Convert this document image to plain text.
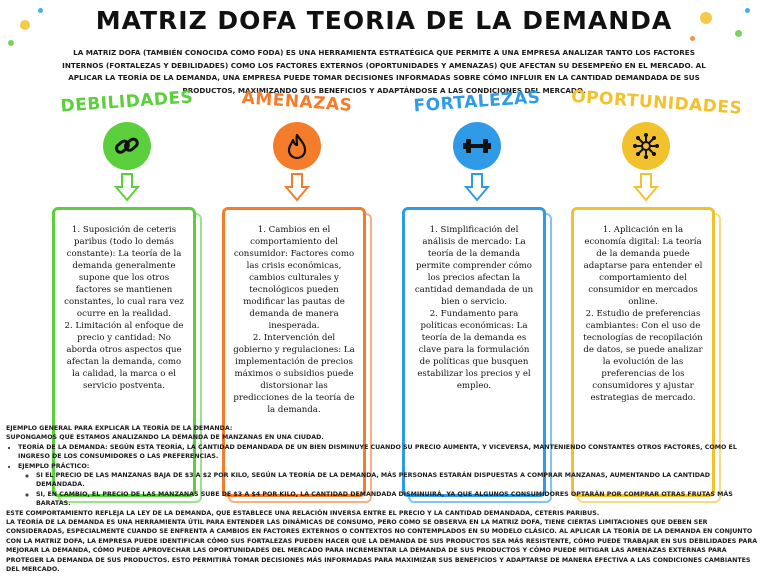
MATRIZ DOFA TEORIA DE LA DEMANDA
LA MATRIZ DOFA (TAMBIÉN CONOCIDA COMO FODA) ES UNA HERRAMIENTA ESTRATÉGICA QUE PERMITE A UNA EMPRESA ANALIZAR TANTO LOS FACTORES INTERNOS (FORTALEZAS Y DEBILIDADES) COMO LOS FACTORES EXTERNOS (OPORTUNIDADES Y AMENAZAS) QUE AFECTAN SU DESEMPEÑO EN EL MERCADO. AL APLICAR LA TEORÍA DE LA DEMANDA, UNA EMPRESA PUEDE TOMAR DECISIONES INFORMADAS SOBRE CÓMO INFLUIR EN LA CANTIDAD DEMANDADA DE SUS PRODUCTOS, MAXIMIZANDO SUS BENEFICIOS Y ADAPTÁNDOSE A LAS CONDICIONES DEL MERCADO.
DEBILIDADES
1. Suposición de ceteris paribus (todo lo demás constante): La teoría de la demanda generalmente supone que los otros factores se mantienen constantes, lo cual rara vez ocurre en la realidad.
2. Limitación al enfoque de precio y cantidad: No aborda otros aspectos que afectan la demanda, como la calidad, la marca o el servicio postventa.
AMENAZAS
1. Cambios en el comportamiento del consumidor: Factores como las crisis económicas, cambios culturales y tecnológicos pueden modificar las pautas de demanda de manera inesperada.
2. Intervención del gobierno y regulaciones: La implementación de precios máximos o subsidios puede distorsionar las predicciones de la teoría de la demanda.
FORTALEZAS
1. Simplificación del análisis de mercado: La teoría de la demanda permite comprender cómo los precios afectan la cantidad demandada de un bien o servicio.
2. Fundamento para políticas económicas: La teoría de la demanda es clave para la formulación de políticas que busquen estabilizar los precios y el empleo.
OPORTUNIDADES
1. Aplicación en la economía digital: La teoría de la demanda puede adaptarse para entender el comportamiento del consumidor en mercados online.
2. Estudio de preferencias cambiantes: Con el uso de tecnologías de recopilación de datos, se puede analizar la evolución de las preferencias de los consumidores y ajustar estrategias de mercado.

EJEMPLO GENERAL PARA EXPLICAR LA TEORÍA DE LA DEMANDA:

SUPONGAMOS QUE ESTAMOS ANALIZANDO LA DEMANDA DE MANZANAS EN UNA CIUDAD.

• TEORÍA DE LA DEMANDA: SEGÚN ESTA TEORÍA, LA CANTIDAD DEMANDADA DE UN BIEN DISMINUYE CUANDO SU PRECIO AUMENTA, Y VICEVERSA, MANTENIENDO CONSTANTES OTROS FACTORES, COMO EL INGRESO DE LOS CONSUMIDORES O LAS PREFERENCIAS.
• EJEMPLO PRÁCTICO:
◦ SI EL PRECIO DE LAS MANZANAS BAJA DE $3 A $2 POR KILO, SEGÚN LA TEORÍA DE LA DEMANDA, MÁS PERSONAS ESTARÁN DISPUESTAS A COMPRAR MANZANAS, AUMENTANDO LA CANTIDAD DEMANDADA.
◦ SI, EN CAMBIO, EL PRECIO DE LAS MANZANAS SUBE DE $3 A $4 POR KILO, LA CANTIDAD DEMANDADA DISMINUIRÁ, YA QUE ALGUNOS CONSUMIDORES OPTARÁN POR COMPRAR OTRAS FRUTAS MÁS BARATAS.

ESTE COMPORTAMIENTO REFLEJA LA LEY DE LA DEMANDA, QUE ESTABLECE UNA RELACIÓN INVERSA ENTRE EL PRECIO Y LA CANTIDAD DEMANDADA, CETERIS PARIBUS.

LA TEORÍA DE LA DEMANDA ES UNA HERRAMIENTA ÚTIL PARA ENTENDER LAS DINÁMICAS DE CONSUMO, PERO COMO SE OBSERVA EN LA MATRIZ DOFA, TIENE CIERTAS LIMITACIONES QUE DEBEN SER CONSIDERADAS, ESPECIALMENTE CUANDO SE ENFRENTA A CAMBIOS EN FACTORES EXTERNOS O CONTEXTOS NO CONTEMPLADOS EN SU MODELO CLÁSICO. AL APLICAR LA TEORÍA DE LA DEMANDA EN CONJUNTO CON LA MATRIZ DOFA, LA EMPRESA PUEDE IDENTIFICAR CÓMO SUS FORTALEZAS PUEDEN HACER QUE LA DEMANDA DE SUS PRODUCTOS SEA MÁS RESISTENTE, CÓMO PUEDE TRABAJAR EN SUS DEBILIDADES PARA MEJORAR LA DEMANDA, CÓMO PUEDE APROVECHAR LAS OPORTUNIDADES DEL MERCADO PARA INCREMENTAR LA DEMANDA DE SUS PRODUCTOS Y CÓMO PUEDE MITIGAR LAS AMENAZAS EXTERNAS PARA PROTEGER LA DEMANDA DE SUS PRODUCTOS. ESTO PERMITIRÁ TOMAR DECISIONES MÁS INFORMADAS PARA MAXIMIZAR SUS BENEFICIOS Y ADAPTARSE DE MANERA EFECTIVA A LAS CONDICIONES CAMBIANTES DEL MERCADO.
